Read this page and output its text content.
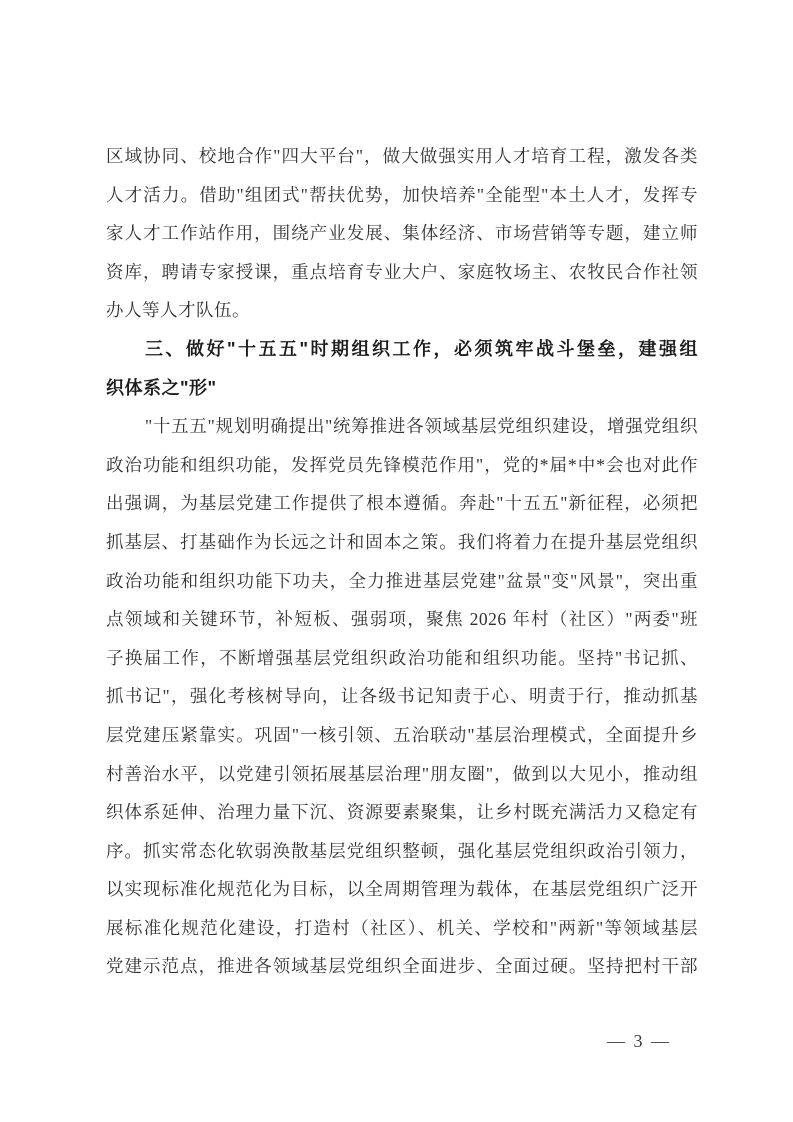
区域协同、校地合作"四大平台"，做大做强实用人才培育工程，激发各类
人才活力。借助"组团式"帮扶优势，加快培养"全能型"本土人才，发挥专
家人才工作站作用，围绕产业发展、集体经济、市场营销等专题，建立师
资库，聘请专家授课，重点培育专业大户、家庭牧场主、农牧民合作社领
办人等人才队伍。
三、做好"十五五"时期组织工作，必须筑牢战斗堡垒，建强组
织体系之"形"
"十五五"规划明确提出"统筹推进各领域基层党组织建设，增强党组织
政治功能和组织功能，发挥党员先锋模范作用"，党的*届*中*会也对此作
出强调，为基层党建工作提供了根本遵循。奔赴"十五五"新征程，必须把
抓基层、打基础作为长远之计和固本之策。我们将着力在提升基层党组织
政治功能和组织功能下功夫，全力推进基层党建"盆景"变"风景"，突出重
点领域和关键环节，补短板、强弱项，聚焦 2026 年村（社区）"两委"班
子换届工作，不断增强基层党组织政治功能和组织功能。坚持"书记抓、
抓书记"，强化考核树导向，让各级书记知责于心、明责于行，推动抓基
层党建压紧靠实。巩固"一核引领、五治联动"基层治理模式，全面提升乡
村善治水平，以党建引领拓展基层治理"朋友圈"，做到以大见小，推动组
织体系延伸、治理力量下沉、资源要素聚集，让乡村既充满活力又稳定有
序。抓实常态化软弱涣散基层党组织整顿，强化基层党组织政治引领力，
以实现标准化规范化为目标，以全周期管理为载体，在基层党组织广泛开
展标准化规范化建设，打造村（社区）、机关、学校和"两新"等领域基层
党建示范点，推进各领域基层党组织全面进步、全面过硬。坚持把村干部
— 3 —
